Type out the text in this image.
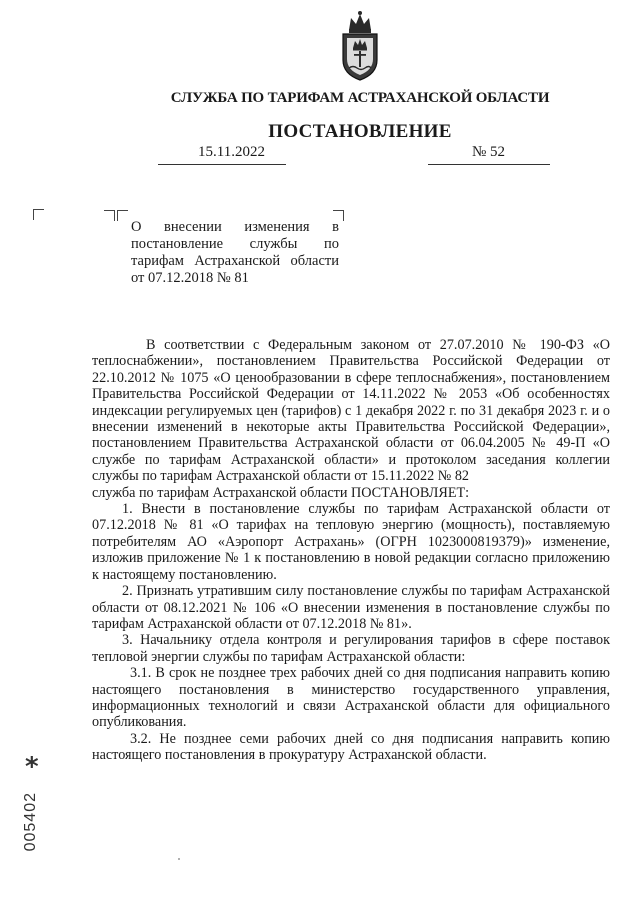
СЛУЖБА ПО ТАРИФАМ АСТРАХАНСКОЙ ОБЛАСТИ
ПОСТАНОВЛЕНИЕ
15.11.2022	№ 52
О внесении изменения в постановление службы по тарифам Астраханской области от 07.12.2018 № 81

В соответствии с Федеральным законом от 27.07.2010 № 190-ФЗ «О теплоснабжении», постановлением Правительства Российской Федерации от 22.10.2012 № 1075 «О ценообразовании в сфере теплоснабжения», постановлением Правительства Российской Федерации от 14.11.2022 № 2053 «Об особенностях индексации регулируемых цен (тарифов) с 1 декабря 2022 г. по 31 декабря 2023 г. и о внесении изменений в некоторые акты Правительства Российской Федерации», постановлением Правительства Астраханской области от 06.04.2005 № 49-П «О службе по тарифам Астраханской области» и протоколом заседания коллегии службы по тарифам Астраханской области от 15.11.2022 № 82

служба по тарифам Астраханской области ПОСТАНОВЛЯЕТ:

1. Внести в постановление службы по тарифам Астраханской области от 07.12.2018 № 81 «О тарифах на тепловую энергию (мощность), поставляемую потребителям АО «Аэропорт Астрахань» (ОГРН 1023000819379)» изменение, изложив приложение № 1 к постановлению в новой редакции согласно приложению к настоящему постановлению.

2. Признать утратившим силу постановление службы по тарифам Астраханской области от 08.12.2021 № 106 «О внесении изменения в постановление службы по тарифам Астраханской области от 07.12.2018 № 81».

3. Начальнику отдела контроля и регулирования тарифов в сфере поставок тепловой энергии службы по тарифам Астраханской области:

3.1. В срок не позднее трех рабочих дней со дня подписания направить копию настоящего постановления в министерство государственного управления, информационных технологий и связи Астраханской области для официального опубликования.

3.2. Не позднее семи рабочих дней со дня подписания направить копию настоящего постановления в прокуратуру Астраханской области.

*
005402
